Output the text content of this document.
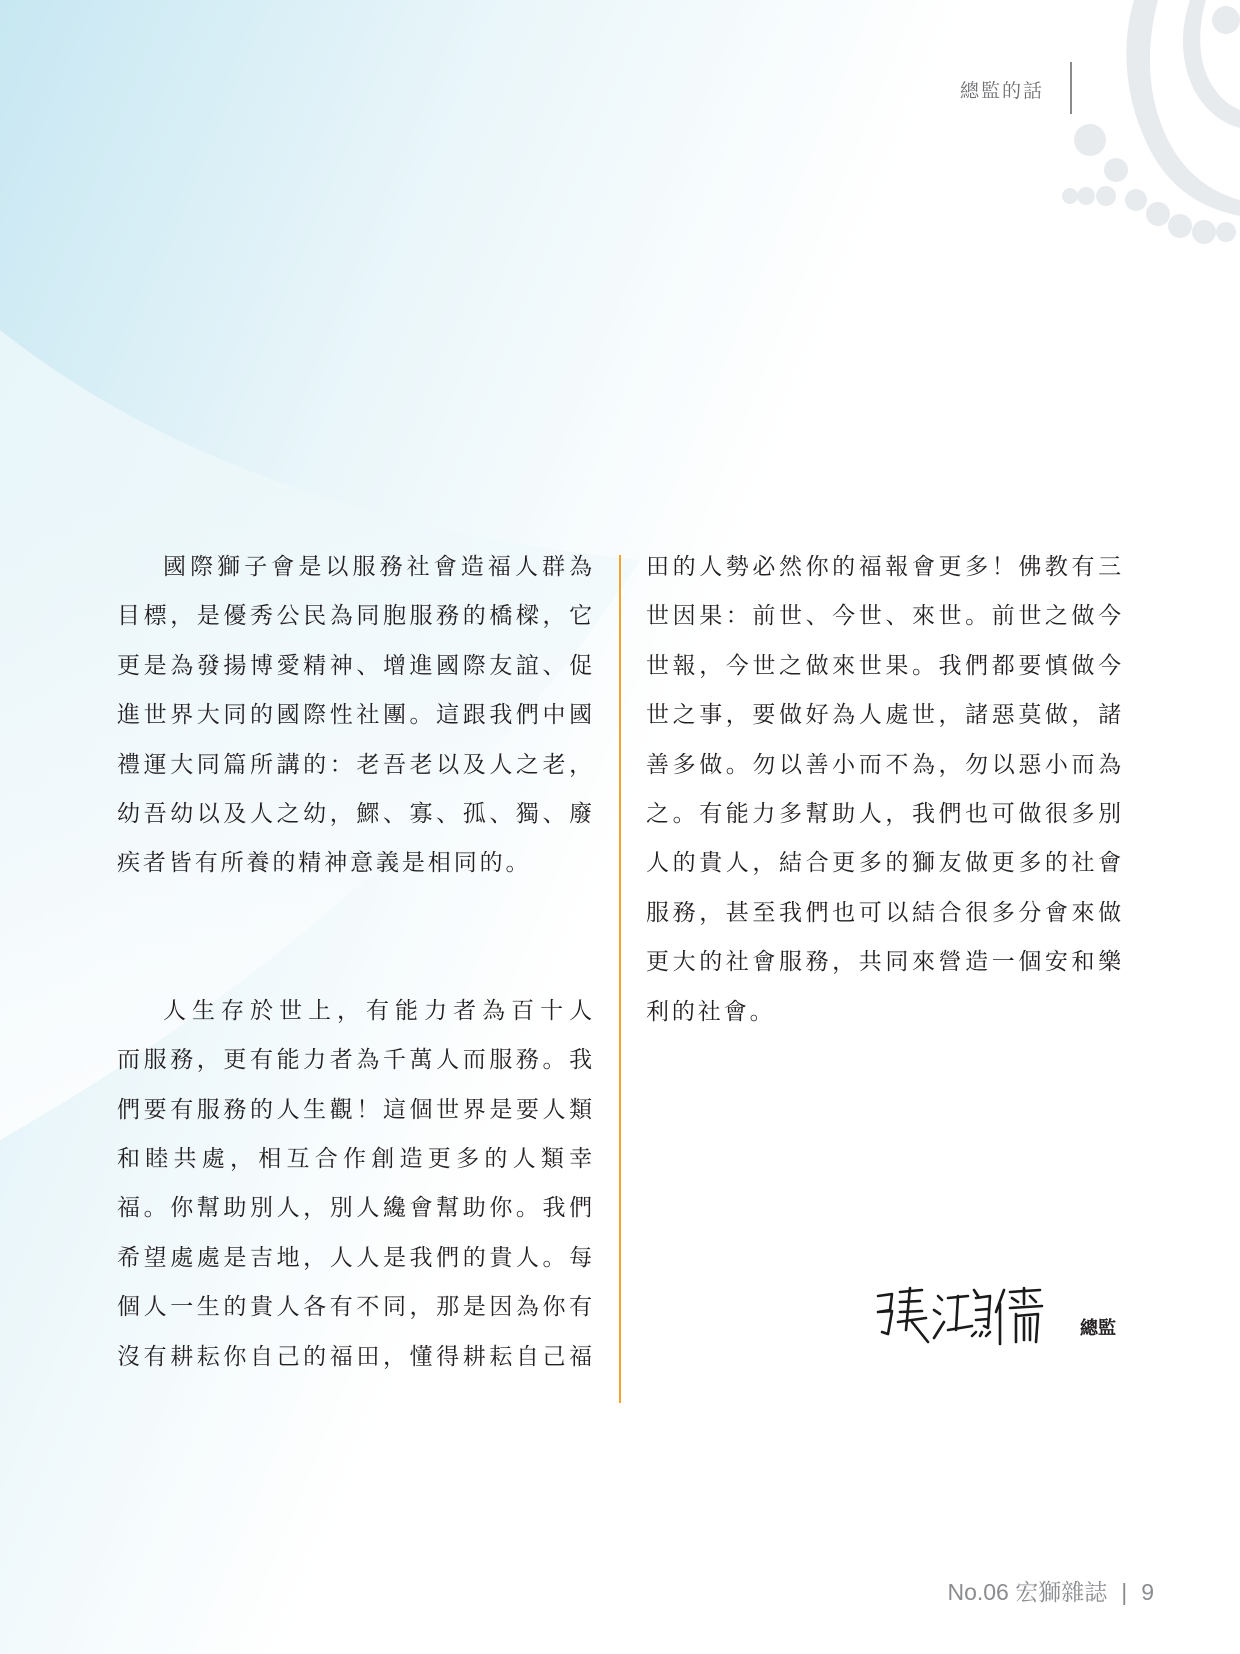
總監的話

國際獅子會是以服務社會造福人群為

目標，是優秀公民為同胞服務的橋樑，它

更是為發揚博愛精神、增進國際友誼、促

進世界大同的國際性社團。這跟我們中國

禮運大同篇所講的：老吾老以及人之老，

幼吾幼以及人之幼，鰥、寡、孤、獨、廢

疾者皆有所養的精神意義是相同的。

人生存於世上，有能力者為百十人

而服務，更有能力者為千萬人而服務。我

們要有服務的人生觀！這個世界是要人類

和睦共處，相互合作創造更多的人類幸

福。你幫助別人，別人纔會幫助你。我們

希望處處是吉地，人人是我們的貴人。每

個人一生的貴人各有不同，那是因為你有

沒有耕耘你自己的福田，懂得耕耘自己福

田的人勢必然你的福報會更多！佛教有三

世因果：前世、今世、來世。前世之做今

世報，今世之做來世果。我們都要慎做今

世之事，要做好為人處世，諸惡莫做，諸

善多做。勿以善小而不為，勿以惡小而為

之。有能力多幫助人，我們也可做很多別

人的貴人，結合更多的獅友做更多的社會

服務，甚至我們也可以結合很多分會來做

更大的社會服務，共同來營造一個安和樂

利的社會。

總監
No.06 宏獅雜誌 | 9
